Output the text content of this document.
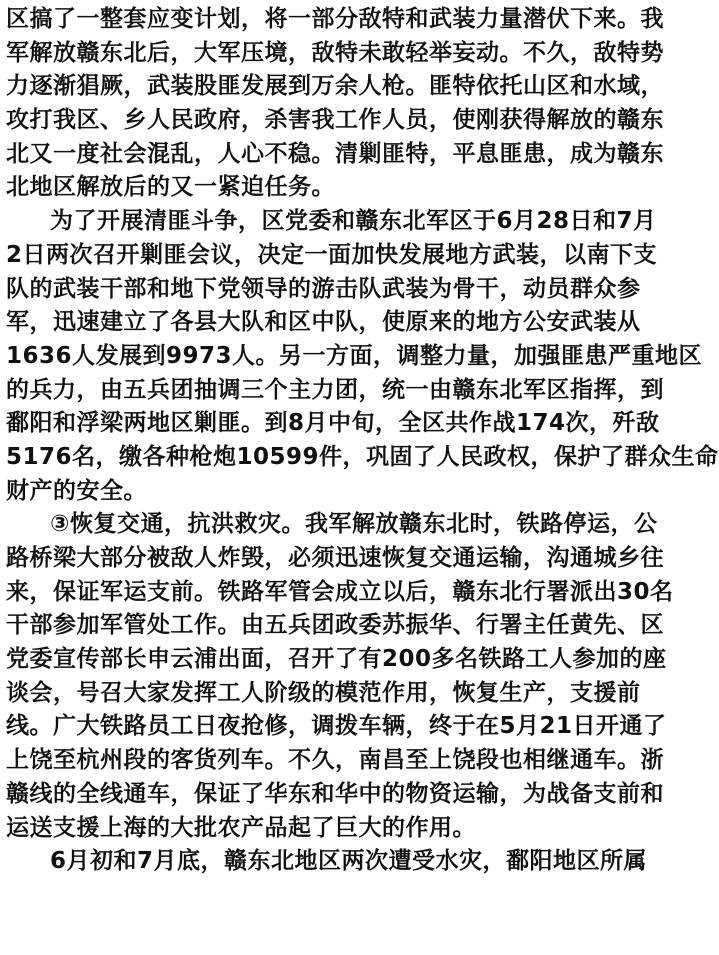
区搞了一整套应变计划，将一部分敌特和武装力量潜伏下来。我
军解放赣东北后，大军压境，敌特未敢轻举妄动。不久，敌特势
力逐渐猖厥，武装股匪发展到万余人枪。匪特依托山区和水域，
攻打我区、乡人民政府，杀害我工作人员，使刚获得解放的赣东
北又一度社会混乱，人心不稳。清剿匪特，平息匪患，成为赣东
北地区解放后的又一紧迫任务。
为了开展清匪斗争，区党委和赣东北军区于6月28日和7月
2日两次召开剿匪会议，决定一面加快发展地方武装，以南下支
队的武装干部和地下党领导的游击队武装为骨干，动员群众参
军，迅速建立了各县大队和区中队，使原来的地方公安武装从
1636人发展到9973人。另一方面，调整力量，加强匪患严重地区
的兵力，由五兵团抽调三个主力团，统一由赣东北军区指挥，到
鄱阳和浮梁两地区剿匪。到8月中旬，全区共作战174次，歼敌
5176名，缴各种枪炮10599件，巩固了人民政权，保护了群众生命
财产的安全。
③恢复交通，抗洪救灾。我军解放赣东北时，铁路停运，公
路桥梁大部分被敌人炸毁，必须迅速恢复交通运输，沟通城乡往
来，保证军运支前。铁路军管会成立以后，赣东北行署派出30名
干部参加军管处工作。由五兵团政委苏振华、行署主任黄先、区
党委宣传部长申云浦出面，召开了有200多名铁路工人参加的座
谈会，号召大家发挥工人阶级的模范作用，恢复生产，支援前
线。广大铁路员工日夜抢修，调拨车辆，终于在5月21日开通了
上饶至杭州段的客货列车。不久，南昌至上饶段也相继通车。浙
赣线的全线通车，保证了华东和华中的物资运输，为战备支前和
运送支援上海的大批农产品起了巨大的作用。
6月初和7月底，赣东北地区两次遭受水灾，鄱阳地区所属
